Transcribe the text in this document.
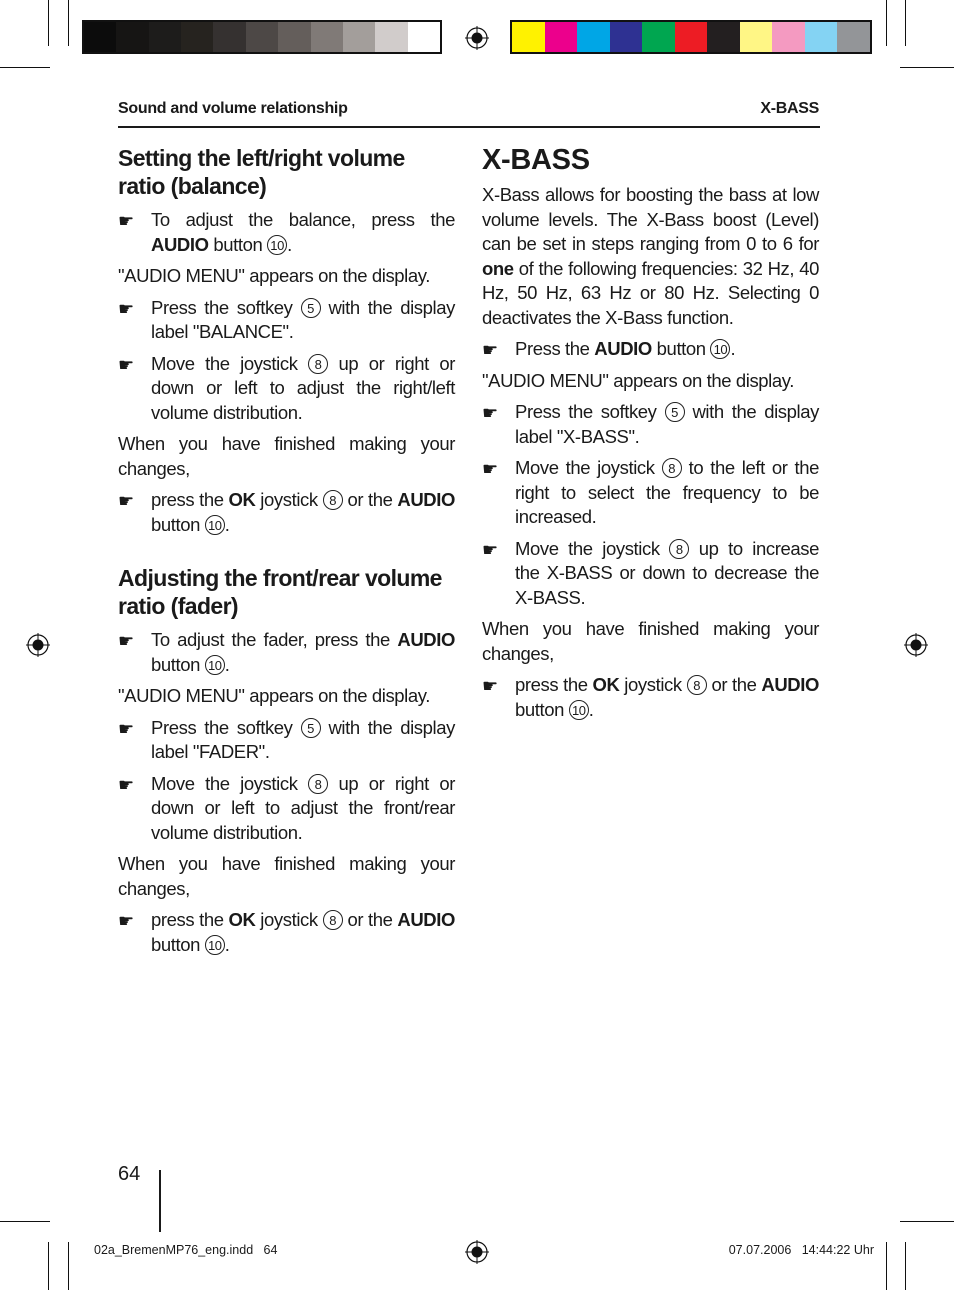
Sound and volume relationship	X-BASS
Setting the left/right volume ratio (balance)
☛ To adjust the balance, press the AUDIO button 10 .

"AUDIO MENU" appears on the display.

☛ Press the softkey 5 with the display label "BALANCE".
☛ Move the joystick 8 up or right or down or left to adjust the right/left volume distribution.

When you have finished making your changes,

☛ press the OK joystick 8 or the AUDIO button 10 .
Adjusting the front/rear volume ratio (fader)
☛ To adjust the fader, press the AUDIO button 10 .

"AUDIO MENU" appears on the display.

☛ Press the softkey 5 with the display label "FADER".
☛ Move the joystick 8 up or right or down or left to adjust the front/rear volume distribution.

When you have finished making your changes,

☛ press the OK joystick 8 or the AUDIO button 10 .
X-BASS

X-Bass allows for boosting the bass at low volume levels. The X-Bass boost (Level) can be set in steps ranging from 0 to 6 for one of the following frequencies: 32 Hz, 40 Hz, 50 Hz, 63 Hz or 80 Hz. Selecting 0 deactivates the X-Bass function.

☛ Press the AUDIO button 10 .

"AUDIO MENU" appears on the display.

☛ Press the softkey 5 with the display label "X-BASS".
☛ Move the joystick 8 to the left or the right to select the frequency to be increased.
☛ Move the joystick 8 up to increase the X-BASS or down to decrease the X-BASS.

When you have finished making your changes,

☛ press the OK joystick 8 or the AUDIO button 10 .
64
02a_BremenMP76_eng.indd   64	07.07.2006   14:44:22 Uhr
